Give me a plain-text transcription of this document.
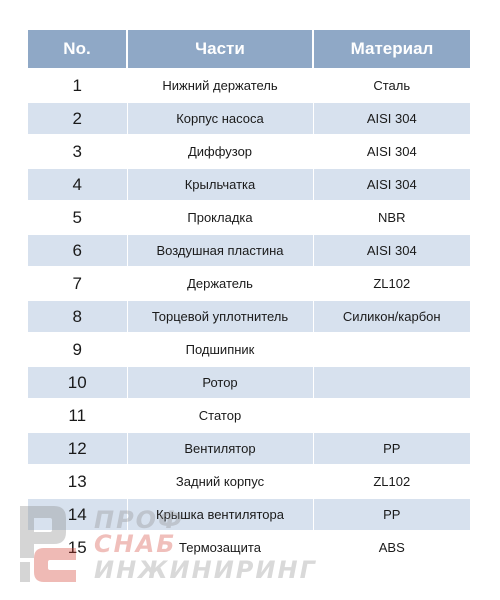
No.	Части	Материал
1	Нижний держатель	Сталь
2	Корпус насоса	AISI 304
3	Диффузор	AISI 304
4	Крыльчатка	AISI 304
5	Прокладка	NBR
6	Воздушная пластина	AISI 304
7	Держатель	ZL102
8	Торцевой уплотнитель	Силикон/карбон
9	Подшипник	
10	Ротор	
11	Статор	
12	Вентилятор	PP
13	Задний корпус	ZL102
14	Крышка вентилятора	PP
15	Термозащита	ABS
ПРОФ
СНАБ
ИНЖИНИРИНГ
